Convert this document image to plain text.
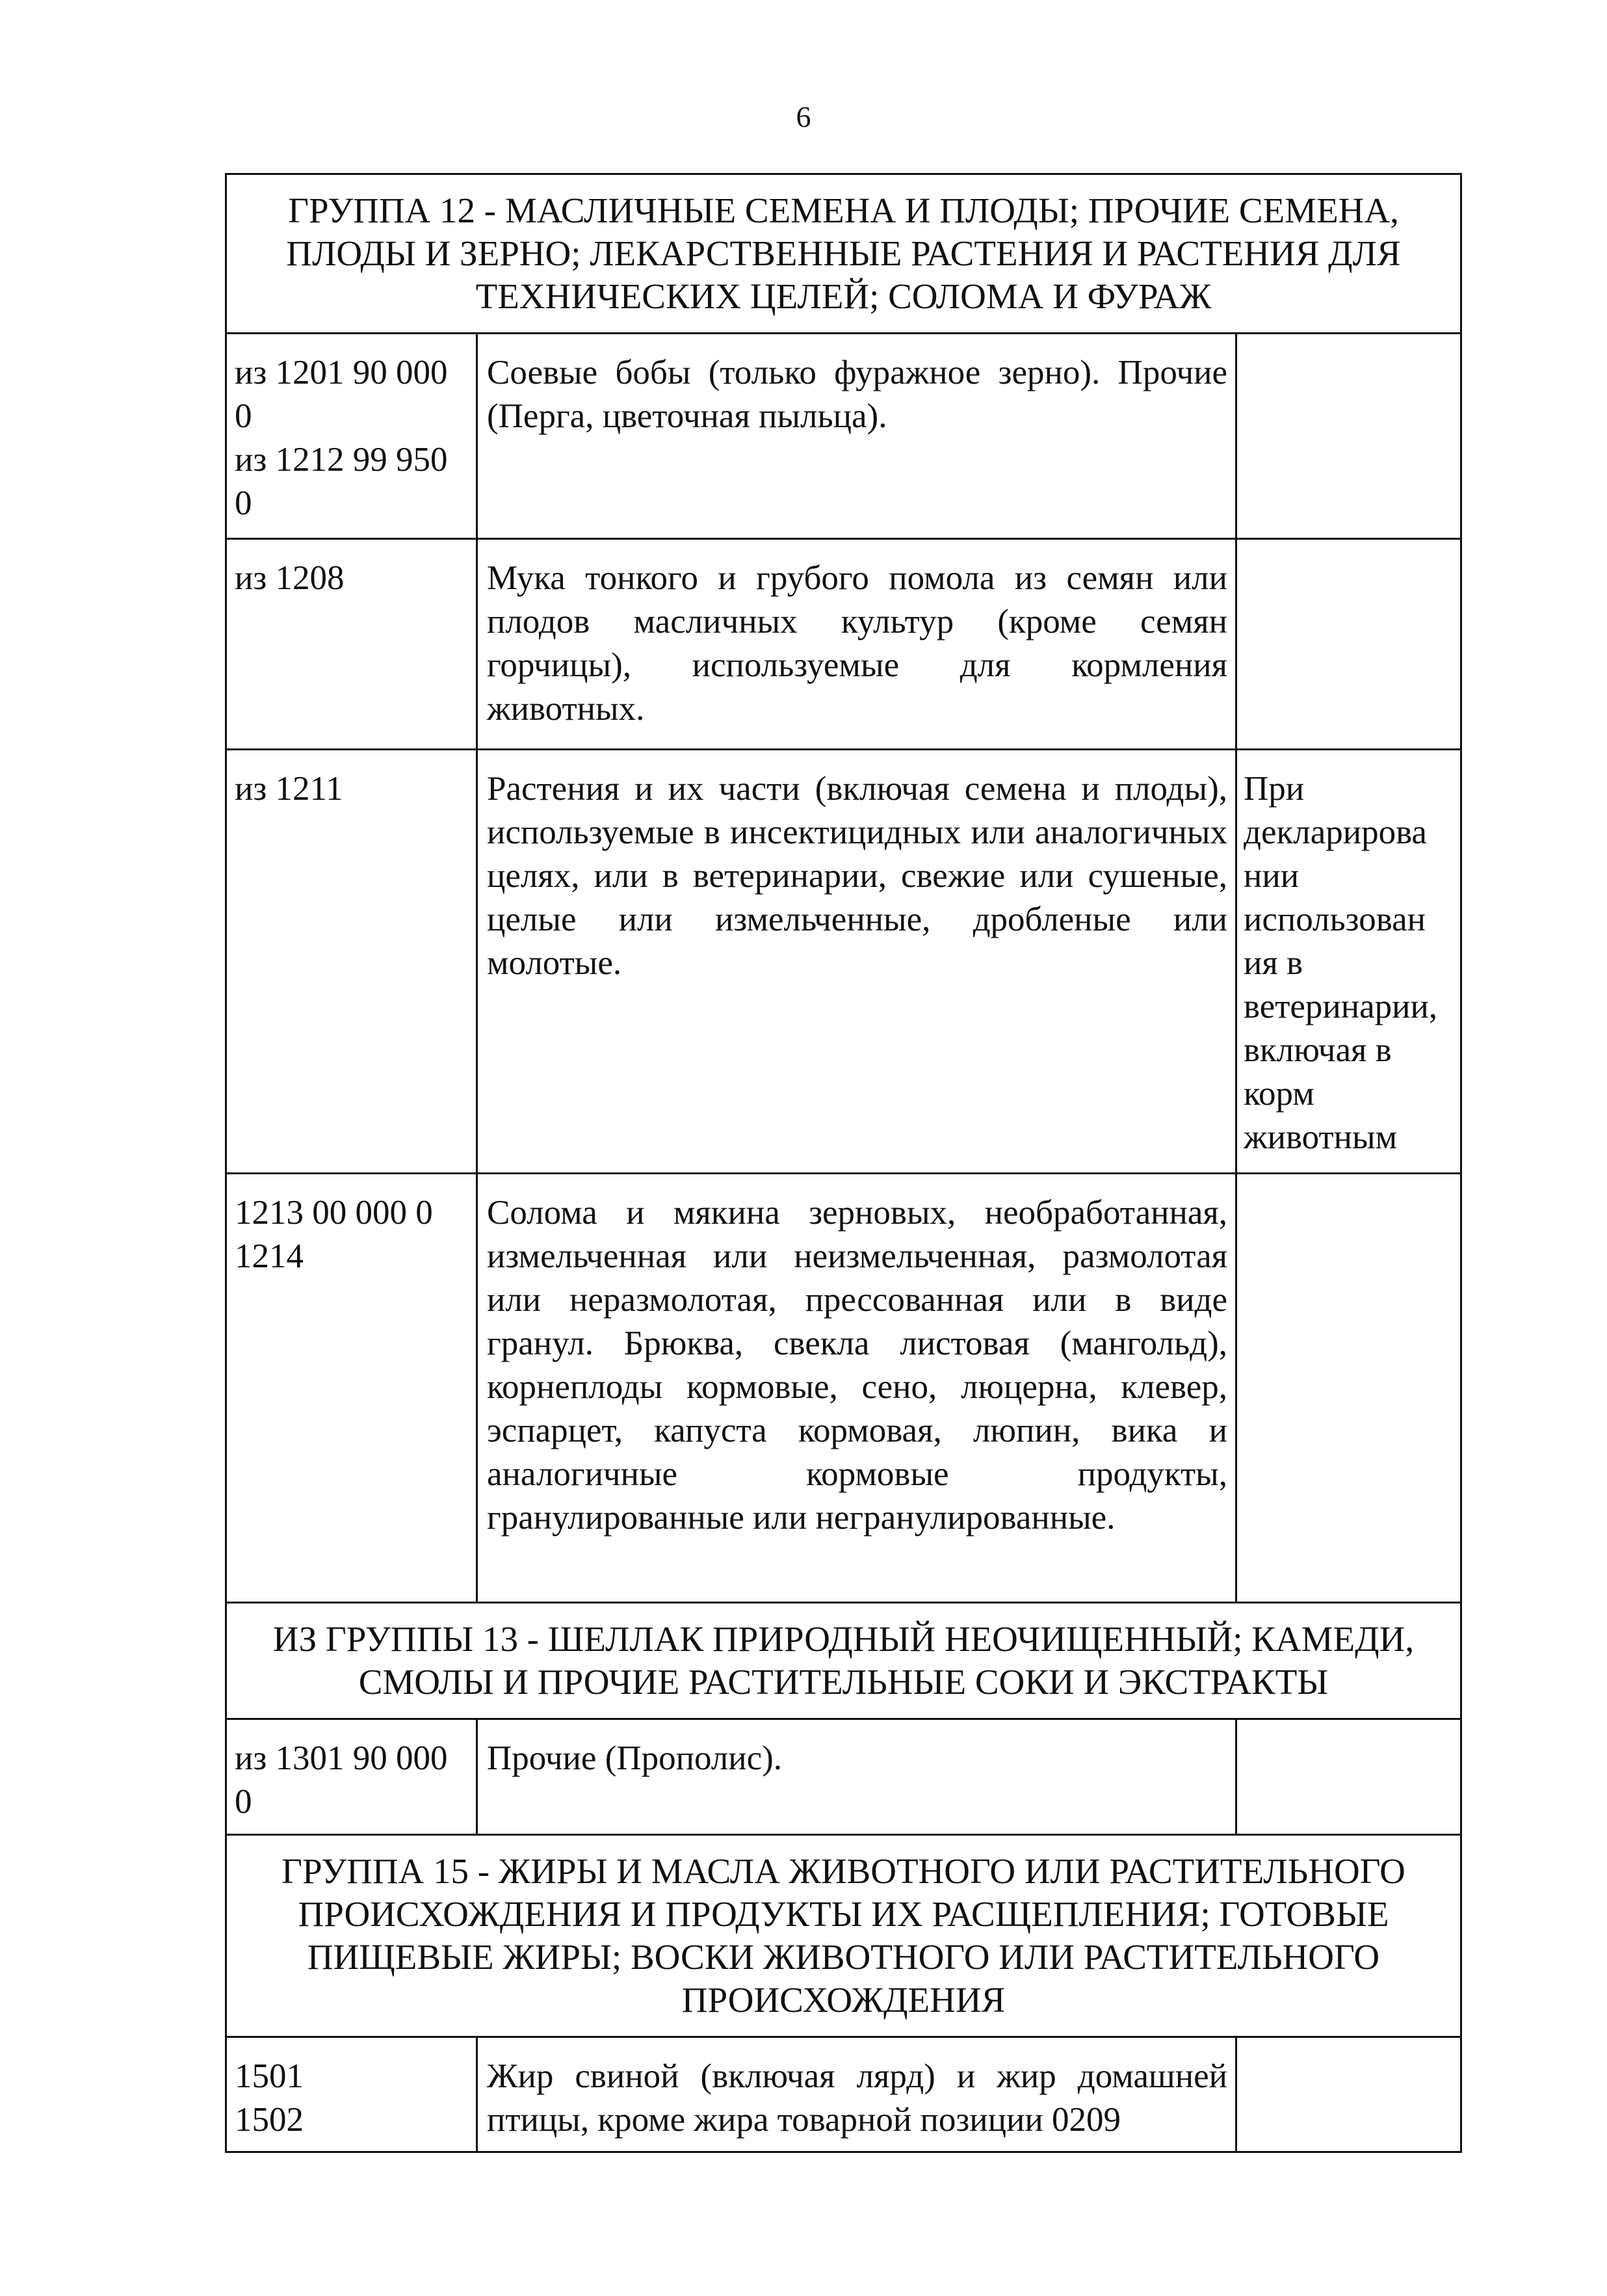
6
ГРУППА 12 - МАСЛИЧНЫЕ СЕМЕНА И ПЛОДЫ; ПРОЧИЕ СЕМЕНА, ПЛОДЫ И ЗЕРНО; ЛЕКАРСТВЕННЫЕ РАСТЕНИЯ И РАСТЕНИЯ ДЛЯ ТЕХНИЧЕСКИХ ЦЕЛЕЙ; СОЛОМА И ФУРАЖ		

из 1201 90 000 0
из 1212 99 950 0	Соевые бобы (только фуражное зерно). Прочие (Перга, цветочная пыльца).	

из 1208	Мука тонкого и грубого помола из семян или плодов масличных культур (кроме семян горчицы), используемые для кормления животных.	

из 1211	Растения и их части (включая семена и плоды), используемые в инсектицидных или аналогичных целях, или в ветеринарии, свежие или сушеные, целые или измельченные, дробленые или молотые.	При декларирова нии использован ия в ветеринарии, включая в корм животным

1213 00 000 0
1214	Солома и мякина зерновых, необработанная, измельченная или неизмельченная, размолотая или неразмолотая, прессованная или в виде гранул. Брюква, свекла листовая (мангольд), корнеплоды кормовые, сено, люцерна, клевер, эспарцет, капуста кормовая, люпин, вика и аналогичные кормовые продукты, гранулированные или негранулированные.	

ИЗ ГРУППЫ 13 - ШЕЛЛАК ПРИРОДНЫЙ НЕОЧИЩЕННЫЙ; КАМЕДИ, СМОЛЫ И ПРОЧИЕ РАСТИТЕЛЬНЫЕ СОКИ И ЭКСТРАКТЫ		

из 1301 90 000 0	Прочие (Прополис).	

ГРУППА 15 - ЖИРЫ И МАСЛА ЖИВОТНОГО ИЛИ РАСТИТЕЛЬНОГО ПРОИСХОЖДЕНИЯ И ПРОДУКТЫ ИХ РАСЩЕПЛЕНИЯ; ГОТОВЫЕ ПИЩЕВЫЕ ЖИРЫ; ВОСКИ ЖИВОТНОГО ИЛИ РАСТИТЕЛЬНОГО ПРОИСХОЖДЕНИЯ		

1501
1502	Жир свиной (включая лярд) и жир домашней птицы, кроме жира товарной позиции 0209	
